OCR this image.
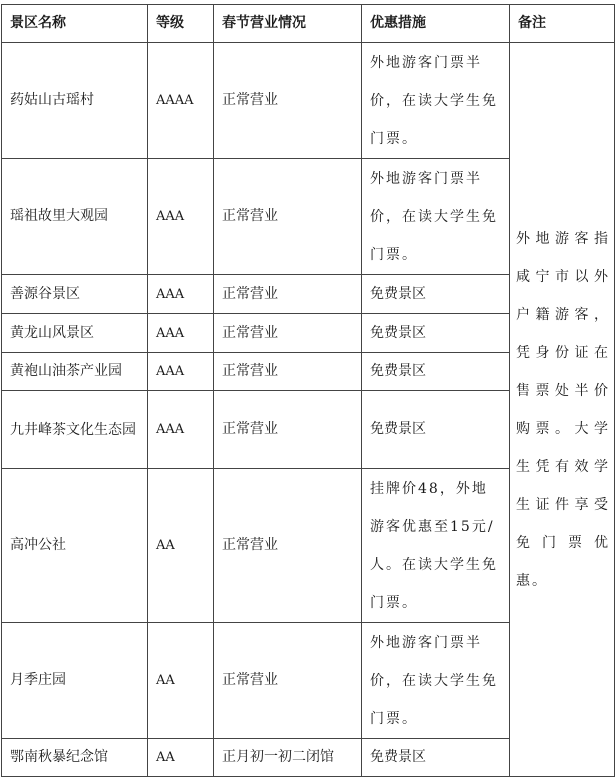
景区名称	等级	春节营业情况	优惠措施	备注
药姑山古瑶村	AAAA	正常营业	外地游客门票半价，在读大学生免门票。	外地游客指咸宁市以外户籍游客，凭身份证在售票处半价购票。大学生凭有效学生证件享受免门票优惠。
瑶祖故里大观园	AAA	正常营业	外地游客门票半价，在读大学生免门票。	
善源谷景区	AAA	正常营业	免费景区	
黄龙山风景区	AAA	正常营业	免费景区	
黄袍山油茶产业园	AAA	正常营业	免费景区	
九井峰茶文化生态园	AAA	正常营业	免费景区	
高冲公社	AA	正常营业	挂牌价48，外地游客优惠至15元/人。在读大学生免门票。	
月季庄园	AA	正常营业	外地游客门票半价，在读大学生免门票。	
鄂南秋暴纪念馆	AA	正月初一初二闭馆	免费景区	
